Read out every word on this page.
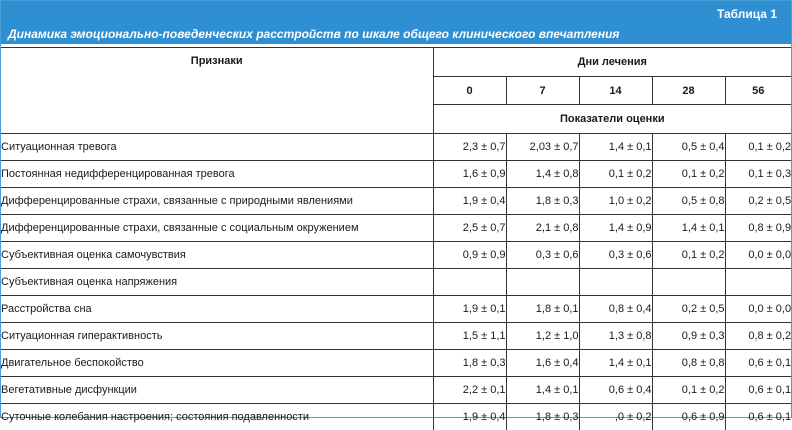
Таблица 1
Динамика эмоционально-поведенческих расстройств по шкале общего клинического впечатления
Признаки	Дни лечения				
	0	7	14	28	56
	Показатели оценки				
Ситуационная тревога	2,3 ± 0,7	2,03 ± 0,7	1,4 ± 0,1	0,5 ± 0,4	0,1 ± 0,2
Постоянная недифференцированная тревога	1,6 ± 0,9	1,4 ± 0,8	0,1 ± 0,2	0,1 ± 0,2	0,1 ± 0,3
Дифференцированные страхи, связанные с природными явлениями	1,9 ± 0,4	1,8 ± 0,3	1,0 ± 0,2	0,5 ± 0,8	0,2 ± 0,5
Дифференцированные страхи, связанные с социальным окружением	2,5 ± 0,7	2,1 ± 0,8	1,4 ± 0,9	1,4 ± 0,1	0,8 ± 0,9
Субъективная оценка самочувствия	0,9 ± 0,9	0,3 ± 0,6	0,3 ± 0,6	0,1 ± 0,2	0,0 ± 0,0
Субъективная оценка напряжения					
Расстройства сна	1,9 ± 0,1	1,8 ± 0,1	0,8 ± 0,4	0,2 ± 0,5	0,0 ± 0,0
Ситуационная гиперактивность	1,5 ± 1,1	1,2 ± 1,0	1,3 ± 0,8	0,9 ± 0,3	0,8 ± 0,2
Двигательное беспокойство	1,8 ± 0,3	1,6 ± 0,4	1,4 ± 0,1	0,8 ± 0,8	0,6 ± 0,1
Вегетативные дисфункции	2,2 ± 0,1	1,4 ± 0,1	0,6 ± 0,4	0,1 ± 0,2	0,6 ± 0,1
Суточные колебания настроения; состояния подавленности	1,9 ± 0,4	1,8 ± 0,3	,0 ± 0,2	0,6 ± 0,9	0,6 ± 0,1
